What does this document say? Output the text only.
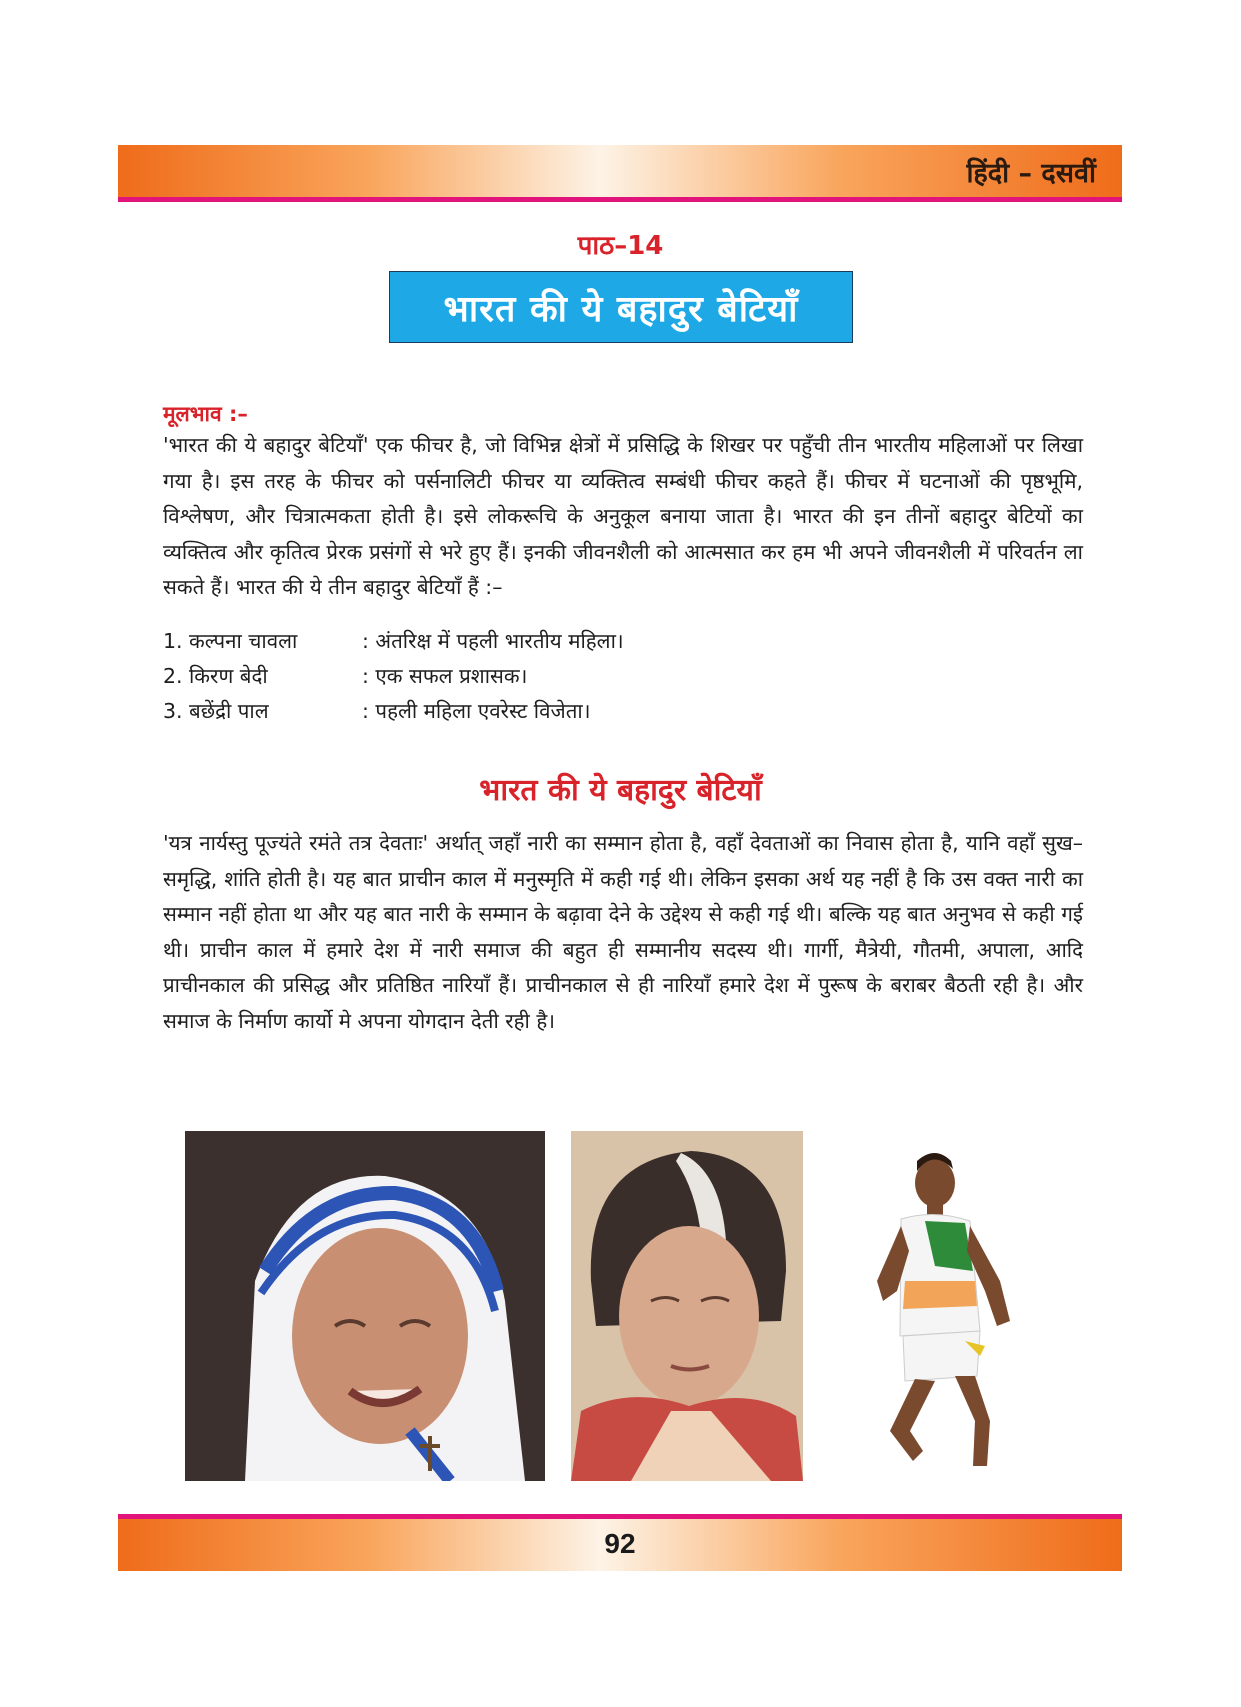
हिंदी – दसवीं
पाठ–14
भारत की ये बहादुर बेटियाँ
मूलभाव :–
'भारत की ये बहादुर बेटियाँ' एक फीचर है, जो विभिन्न क्षेत्रों में प्रसिद्धि के शिखर पर पहुँची तीन भारतीय महिलाओं पर लिखा गया है। इस तरह के फीचर को पर्सनालिटी फीचर या व्यक्तित्व सम्बंधी फीचर कहते हैं। फीचर में घटनाओं की पृष्ठभूमि, विश्लेषण, और चित्रात्मकता होती है। इसे लोकरूचि के अनुकूल बनाया जाता है। भारत की इन तीनों बहादुर बेटियों का व्यक्तित्व और कृतित्व प्रेरक प्रसंगों से भरे हुए हैं। इनकी जीवनशैली को आत्मसात कर हम भी अपने जीवनशैली में परिवर्तन ला सकते हैं। भारत की ये तीन बहादुर बेटियाँ हैं :–
1. कल्पना चावला	: अंतरिक्ष में पहली भारतीय महिला।
2. किरण बेदी	: एक सफल प्रशासक।
3. बछेंद्री पाल	: पहली महिला एवरेस्ट विजेता।
भारत की ये बहादुर बेटियाँ
'यत्र नार्यस्तु पूज्यंते रमंते तत्र देवताः' अर्थात् जहाँ नारी का सम्मान होता है, वहाँ देवताओं का निवास होता है, यानि वहाँ सुख–समृद्धि, शांति होती है। यह बात प्राचीन काल में मनुस्मृति में कही गई थी। लेकिन इसका अर्थ यह नहीं है कि उस वक्त नारी का सम्मान नहीं होता था और यह बात नारी के सम्मान के बढ़ावा देने के उद्देश्य से कही गई थी। बल्कि यह बात अनुभव से कही गई थी। प्राचीन काल में हमारे देश में नारी समाज की बहुत ही सम्मानीय सदस्य थी। गार्गी, मैत्रेयी, गौतमी, अपाला, आदि प्राचीनकाल की प्रसिद्ध और प्रतिष्ठित नारियाँ हैं। प्राचीनकाल से ही नारियाँ हमारे देश में पुरूष के बराबर बैठती रही है। और समाज के निर्माण कार्यो मे अपना योगदान देती रही है।
92
